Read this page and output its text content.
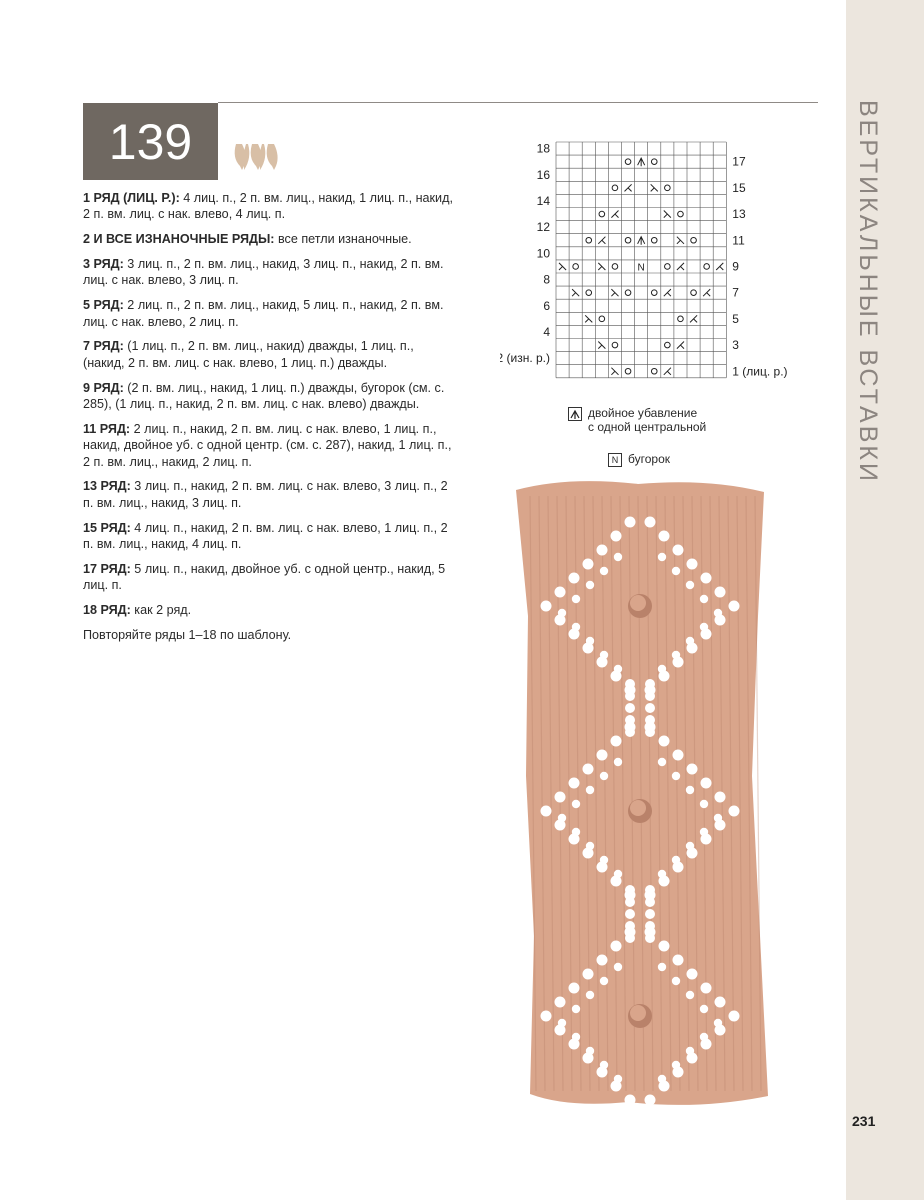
ВЕРТИКАЛЬНЫЕ ВСТАВКИ
231
139

1 РЯД (ЛИЦ. Р.): 4 лиц. п., 2 п. вм. лиц., накид, 1 лиц. п., накид, 2 п. вм. лиц. с нак. влево, 4 лиц. п.

2 И ВСЕ ИЗНАНОЧНЫЕ РЯДЫ: все петли изнаночные.

3 РЯД: 3 лиц. п., 2 п. вм. лиц., накид, 3 лиц. п., накид, 2 п. вм. лиц. с нак. влево, 3 лиц. п.

5 РЯД: 2 лиц. п., 2 п. вм. лиц., накид, 5 лиц. п., накид, 2 п. вм. лиц. с нак. влево, 2 лиц. п.

7 РЯД: (1 лиц. п., 2 п. вм. лиц., накид) дважды, 1 лиц. п., (накид, 2 п. вм. лиц. с нак. влево, 1 лиц. п.) дважды.

9 РЯД: (2 п. вм. лиц., накид, 1 лиц. п.) дважды, бугорок (см. с. 285), (1 лиц. п., накид, 2 п. вм. лиц. с нак. влево) дважды.

11 РЯД: 2 лиц. п., накид, 2 п. вм. лиц. с нак. влево, 1 лиц. п., накид, двойное уб. с одной центр. (см. с. 287), накид, 1 лиц. п., 2 п. вм. лиц., накид, 2 лиц. п.

13 РЯД: 3 лиц. п., накид, 2 п. вм. лиц. с нак. влево, 3 лиц. п., 2 п. вм. лиц., накид, 3 лиц. п.

15 РЯД: 4 лиц. п., накид, 2 п. вм. лиц. с нак. влево, 1 лиц. п., 2 п. вм. лиц., накид, 4 лиц. п.

17 РЯД: 5 лиц. п., накид, двойное уб. с одной центр., накид, 5 лиц. п.

18 РЯД: как 2 ряд.

Повторяйте ряды 1–18 по шаблону.

N
18
16
14
12
10
8
6
4
2 (изн. р.)
17
15
13
11
9
7
5
3
1 (лиц. р.)
двойное убавление
с одной центральной
N бугорок
